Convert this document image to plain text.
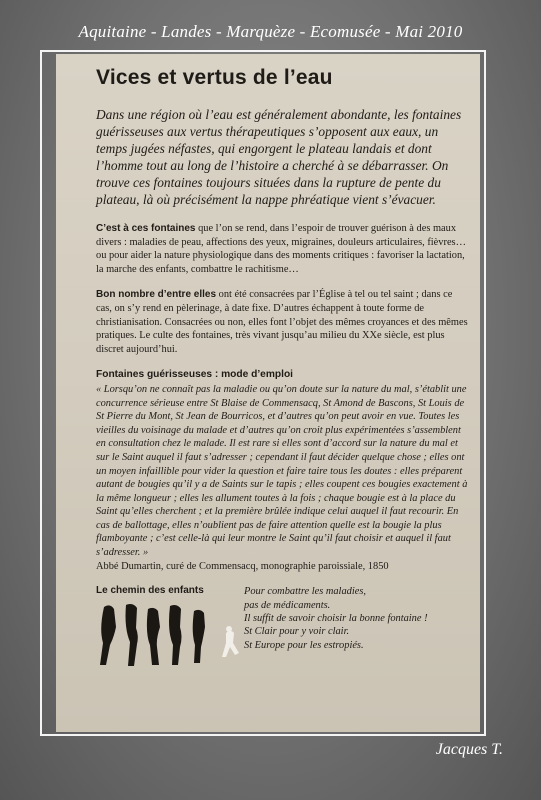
Aquitaine - Landes - Marquèze - Ecomusée - Mai 2010
Vices et vertus de l’eau
Dans une région où l’eau est généralement abondante, les fontaines guérisseuses aux vertus thérapeutiques s’opposent aux eaux, un temps jugées néfastes, qui engorgent le plateau landais et dont l’homme tout au long de l’histoire a cherché à se débarrasser. On trouve ces fontaines toujours situées dans la rupture de pente du plateau, là où précisément la nappe phréatique vient s’évacuer.
C’est à ces fontaines que l’on se rend, dans l’espoir de trouver guérison à des maux divers : maladies de peau, affections des yeux, migraines, douleurs articulaires, fièvres… ou pour aider la nature physiologique dans des moments critiques : favoriser la lactation, la marche des enfants, combattre le rachitisme…
Bon nombre d’entre elles ont été consacrées par l’Église à tel ou tel saint ; dans ce cas, on s’y rend en pèlerinage, à date fixe. D’autres échappent à toute forme de christianisation. Consacrées ou non, elles font l’objet des mêmes croyances et des mêmes pratiques. Le culte des fontaines, très vivant jusqu’au milieu du XXe siècle, est plus discret aujourd’hui.
Fontaines guérisseuses : mode d’emploi
« Lorsqu’on ne connaît pas la maladie ou qu’on doute sur la nature du mal, s’établit une concurrence sérieuse entre St Blaise de Commensacq, St Amond de Bascons, St Louis de St Pierre du Mont, St Jean de Bourricos, et d’autres qu’on peut avoir en vue. Toutes les vieilles du voisinage du malade et d’autres qu’on croit plus expérimentées s’assemblent en consultation chez le malade. Il est rare si elles sont d’accord sur la nature du mal et sur le Saint auquel il faut s’adresser ; cependant il faut décider quelque chose ; elles ont un moyen infaillible pour vider la question et faire taire tous les doutes : elles préparent autant de bougies qu’il y a de Saints sur le tapis ; elles coupent ces bougies exactement à la même longueur ; elles les allument toutes à la fois ; chaque bougie est à la place du Saint qu’elles cherchent ; et la première brûlée indique celui auquel il faut recourir. En cas de ballottage, elles n’oublient pas de faire attention quelle est la bougie la plus flamboyante ; c’est celle-là qui leur montre le Saint qu’il faut choisir et auquel il faut s’adresser. »
Abbé Dumartin, curé de Commensacq, monographie paroissiale, 1850
Le chemin des enfants	Pour combattre les maladies,
pas de médicaments.
Il suffit de savoir choisir la bonne fontaine !
St Clair pour y voir clair.
St Europe pour les estropiés.
Jacques T.
